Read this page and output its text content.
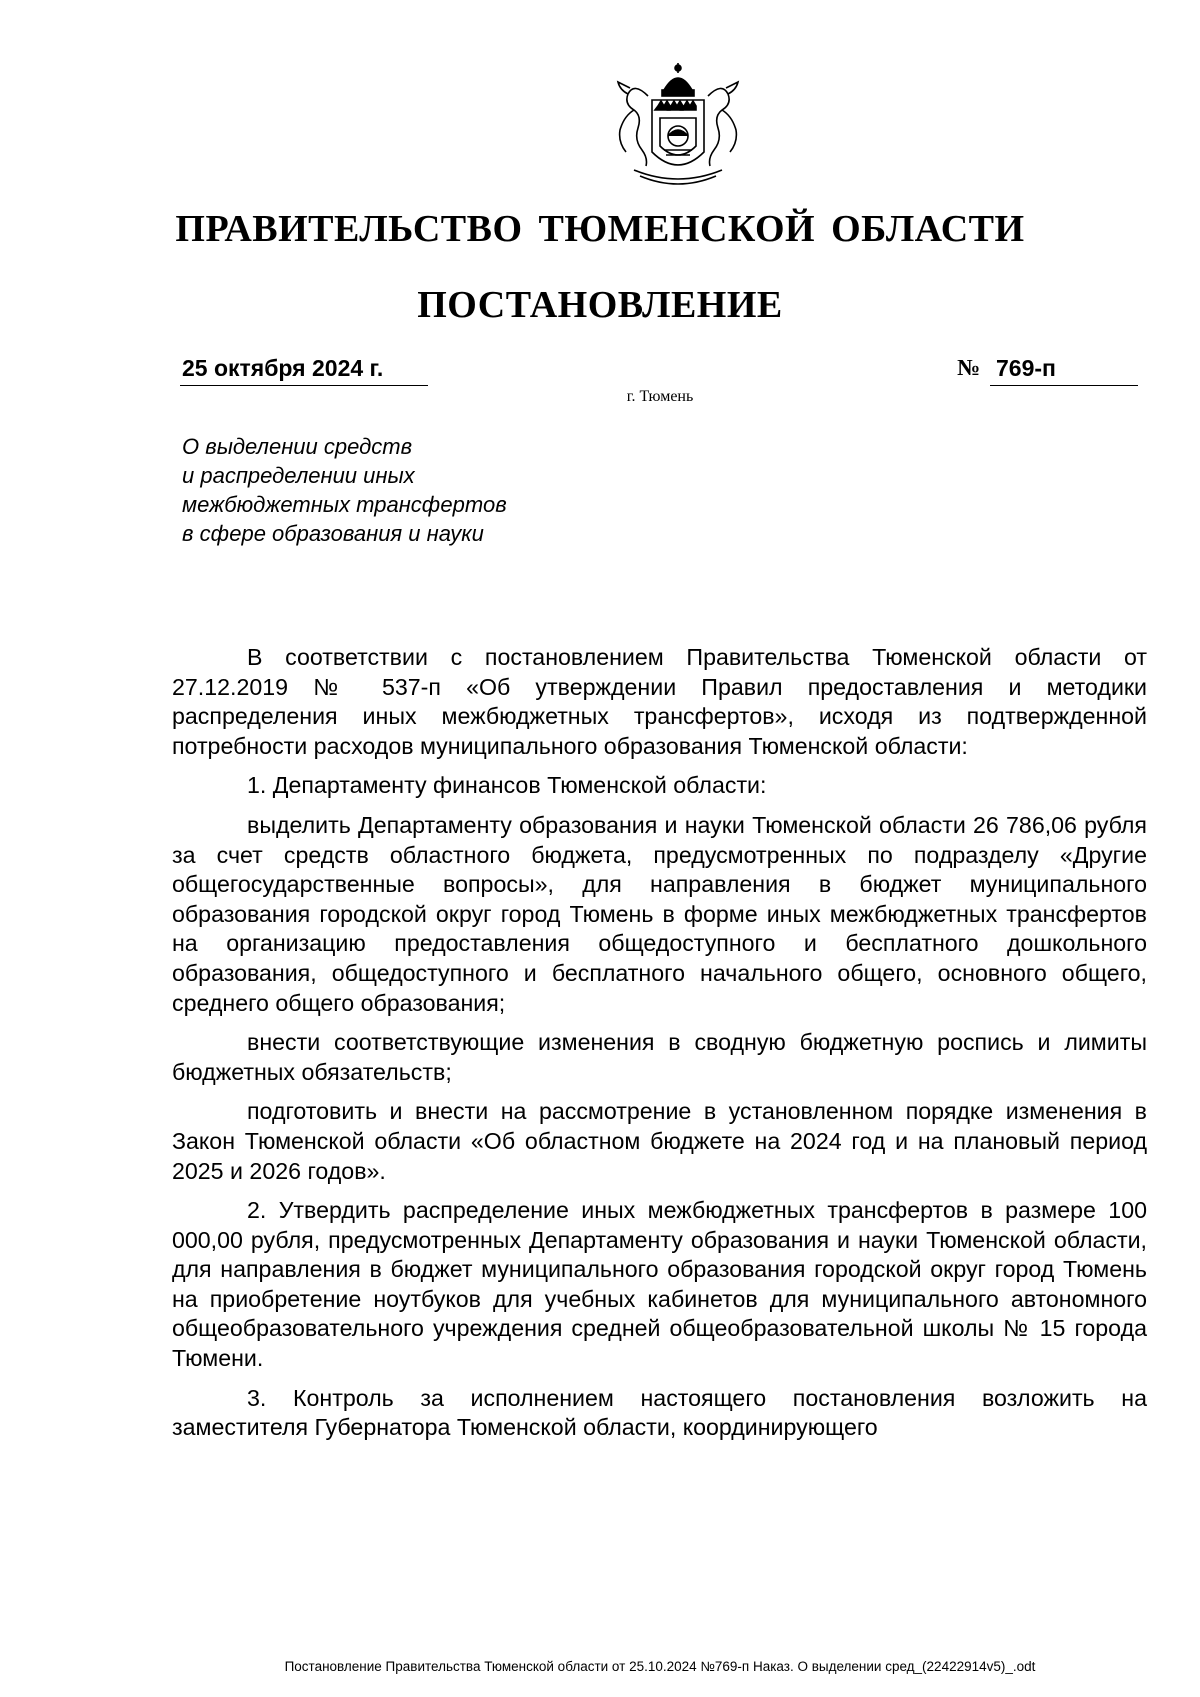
ПРАВИТЕЛЬСТВО ТЮМЕНСКОЙ ОБЛАСТИ
ПОСТАНОВЛЕНИЕ
25 октября 2024 г.	№ 769-п
г. Тюмень
О выделении средств
и распределении иных
межбюджетных трансфертов
в сфере образования и науки

В соответствии с постановлением Правительства Тюменской области от 27.12.2019 № 537-п «Об утверждении Правил предоставления и методики распределения иных межбюджетных трансфертов», исходя из подтвержденной потребности расходов муниципального образования Тюменской области:

1. Департаменту финансов Тюменской области:

выделить Департаменту образования и науки Тюменской области 26 786,06 рубля за счет средств областного бюджета, предусмотренных по подразделу «Другие общегосударственные вопросы», для направления в бюджет муниципального образования городской округ город Тюмень в форме иных межбюджетных трансфертов на организацию предоставления общедоступного и бесплатного дошкольного образования, общедоступного и бесплатного начального общего, основного общего, среднего общего образования;

внести соответствующие изменения в сводную бюджетную роспись и лимиты бюджетных обязательств;

подготовить и внести на рассмотрение в установленном порядке изменения в Закон Тюменской области «Об областном бюджете на 2024 год и на плановый период 2025 и 2026 годов».

2. Утвердить распределение иных межбюджетных трансфертов в размере 100 000,00 рубля, предусмотренных Департаменту образования и науки Тюменской области, для направления в бюджет муниципального образования городской округ город Тюмень на приобретение ноутбуков для учебных кабинетов для муниципального автономного общеобразовательного учреждения средней общеобразовательной школы № 15 города Тюмени.

3. Контроль за исполнением настоящего постановления возложить на заместителя Губернатора Тюменской области, координирующего

Постановление Правительства Тюменской области от 25.10.2024 №769-п Наказ. О выделении сред_(22422914v5)_.odt
